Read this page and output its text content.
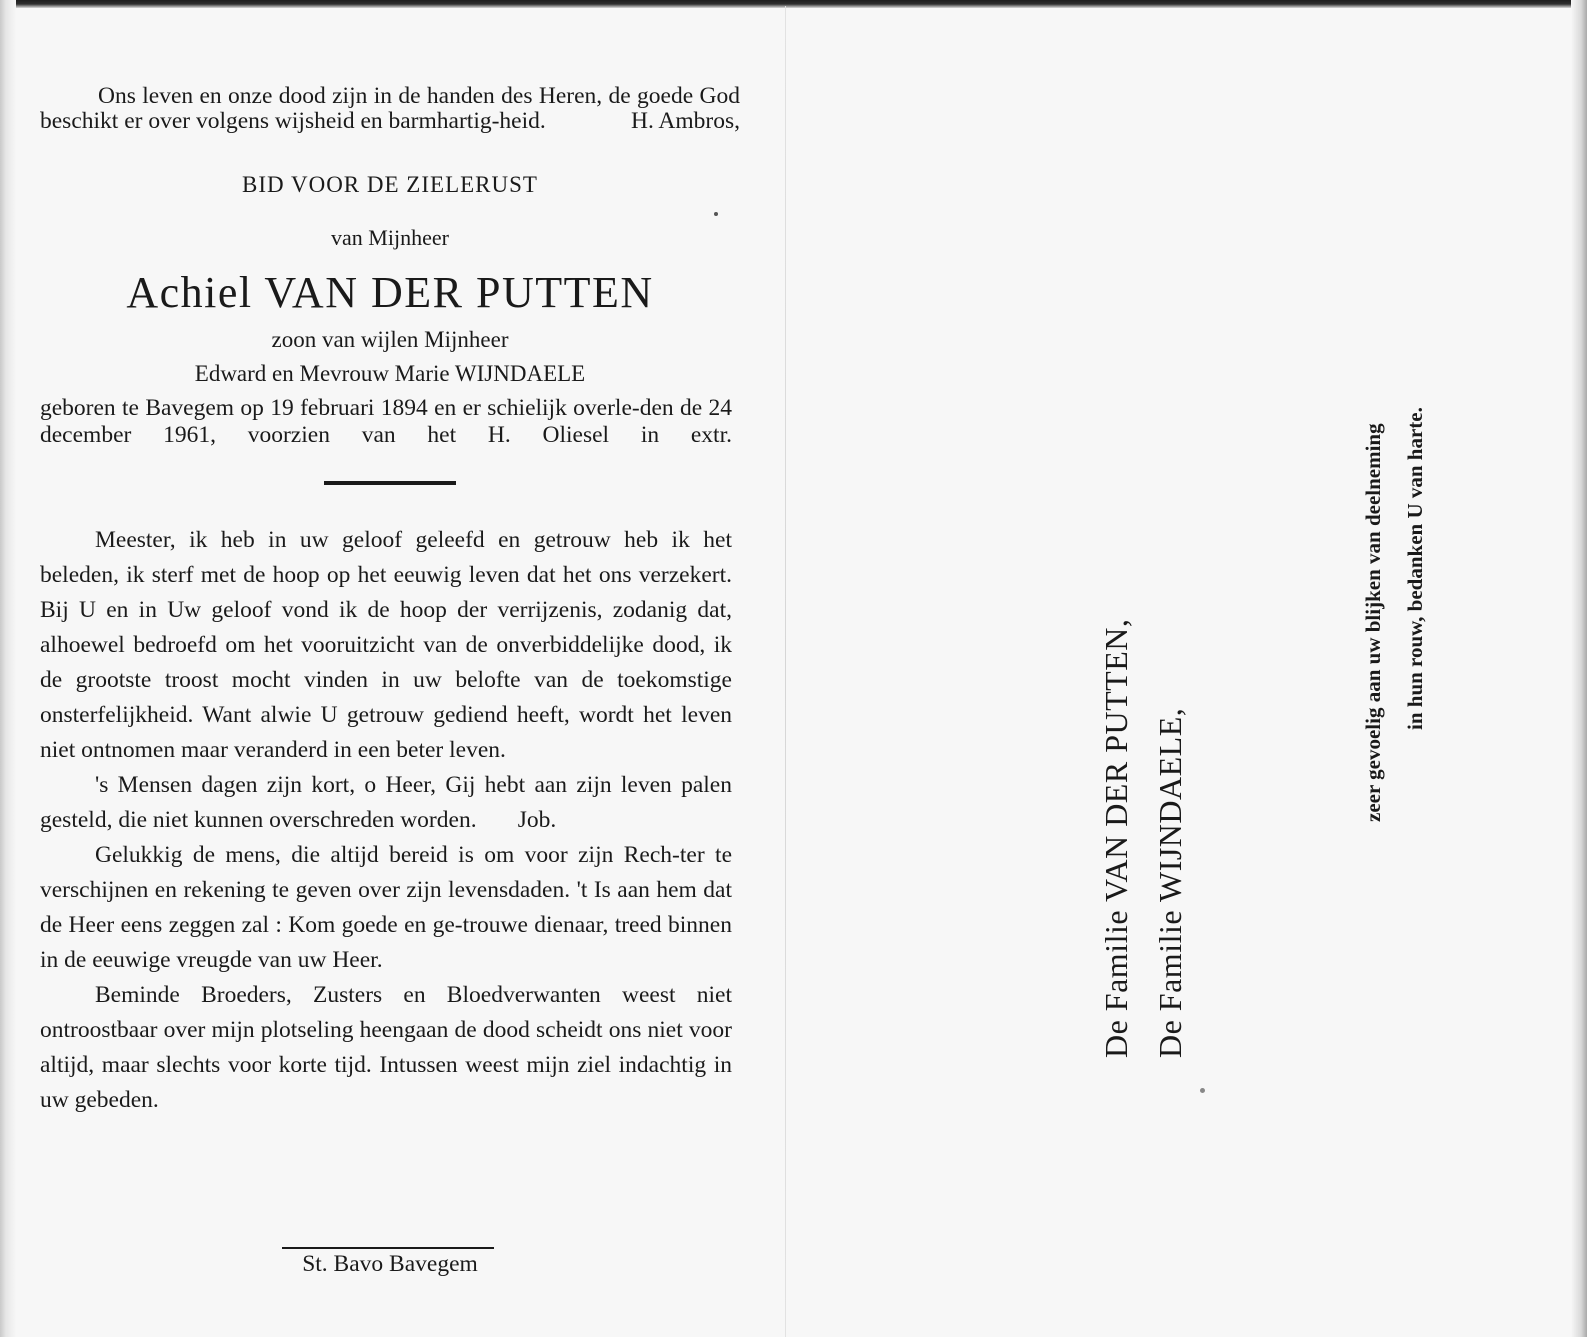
Ons leven en onze dood zijn in de handen des Heren, de goede God beschikt er over volgens wijsheid en barmhartig-heid.	H. Ambros,

BID VOOR DE ZIELERUST
van Mijnheer
Achiel VAN DER PUTTEN
zoon van wijlen Mijnheer
Edward en Mevrouw Marie WIJNDAELE

geboren te Bavegem op 19 februari 1894 en er schielijk overle-den de 24 december 1961, voorzien van het H. Oliesel in extr.

Meester, ik heb in uw geloof geleefd en getrouw heb ik het beleden, ik sterf met de hoop op het eeuwig leven dat het ons verzekert. Bij U en in Uw geloof vond ik de hoop der verrijzenis, zodanig dat, alhoewel bedroefd om het vooruitzicht van de onverbiddelijke dood, ik de grootste troost mocht vinden in uw belofte van de toekomstige onsterfelijkheid. Want alwie U getrouw gediend heeft, wordt het leven niet ontnomen maar veranderd in een beter leven.

's Mensen dagen zijn kort, o Heer, Gij hebt aan zijn leven palen gesteld, die niet kunnen overschreden worden.       Job.

Gelukkig de mens, die altijd bereid is om voor zijn Rech-ter te verschijnen en rekening te geven over zijn levensdaden. 't Is aan hem dat de Heer eens zeggen zal : Kom goede en ge-trouwe dienaar, treed binnen in de eeuwige vreugde van uw Heer.

Beminde Broeders, Zusters en Bloedverwanten weest niet ontroostbaar over mijn plotseling heengaan de dood scheidt ons niet voor altijd, maar slechts voor korte tijd. Intussen weest mijn ziel indachtig in uw gebeden.

St. Bavo Bavegem
De Familie VAN DER PUTTEN, De Familie WIJNDAELE,
zeer gevoelig aan uw blijken van deelneming in hun rouw, bedanken U van harte.
